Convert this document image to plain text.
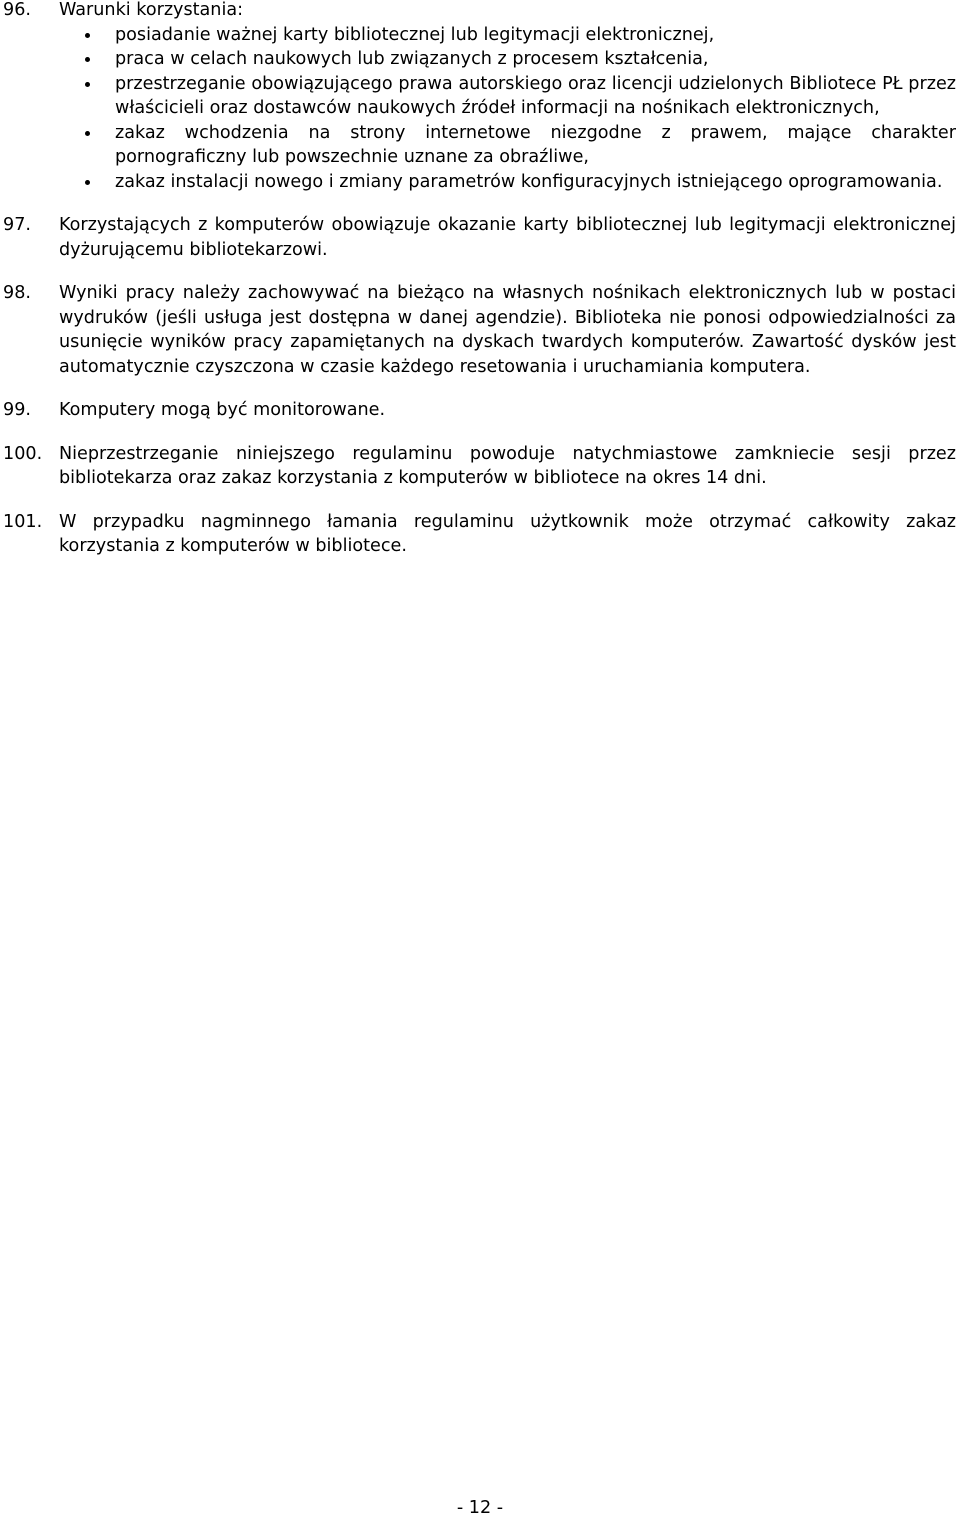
96. Warunki korzystania:
posiadanie ważnej karty bibliotecznej lub legitymacji elektronicznej,
praca w celach naukowych lub związanych z procesem kształcenia,
przestrzeganie obowiązującego prawa autorskiego oraz licencji udzielonych Bibliotece PŁ przez właścicieli oraz dostawców naukowych źródeł informacji na nośnikach elektronicznych,
zakaz wchodzenia na strony internetowe niezgodne z prawem, mające charakter pornograficzny lub powszechnie uznane za obraźliwe,
zakaz instalacji nowego i zmiany parametrów konfiguracyjnych istniejącego oprogramowania.
97. Korzystających z komputerów obowiązuje okazanie karty bibliotecznej lub legitymacji elektronicznej dyżurującemu bibliotekarzowi.
98. Wyniki pracy należy zachowywać na bieżąco na własnych nośnikach elektronicznych lub w postaci wydruków (jeśli usługa jest dostępna w danej agendzie). Biblioteka nie ponosi odpowiedzialności za usunięcie wyników pracy zapamiętanych na dyskach twardych komputerów. Zawartość dysków jest automatycznie czyszczona w czasie każdego resetowania i uruchamiania komputera.
99. Komputery mogą być monitorowane.
100. Nieprzestrzeganie niniejszego regulaminu powoduje natychmiastowe zamkniecie sesji przez bibliotekarza oraz zakaz korzystania z komputerów w bibliotece na okres 14 dni.
101. W przypadku nagminnego łamania regulaminu użytkownik może otrzymać całkowity zakaz korzystania z komputerów w bibliotece.
- 12 -
